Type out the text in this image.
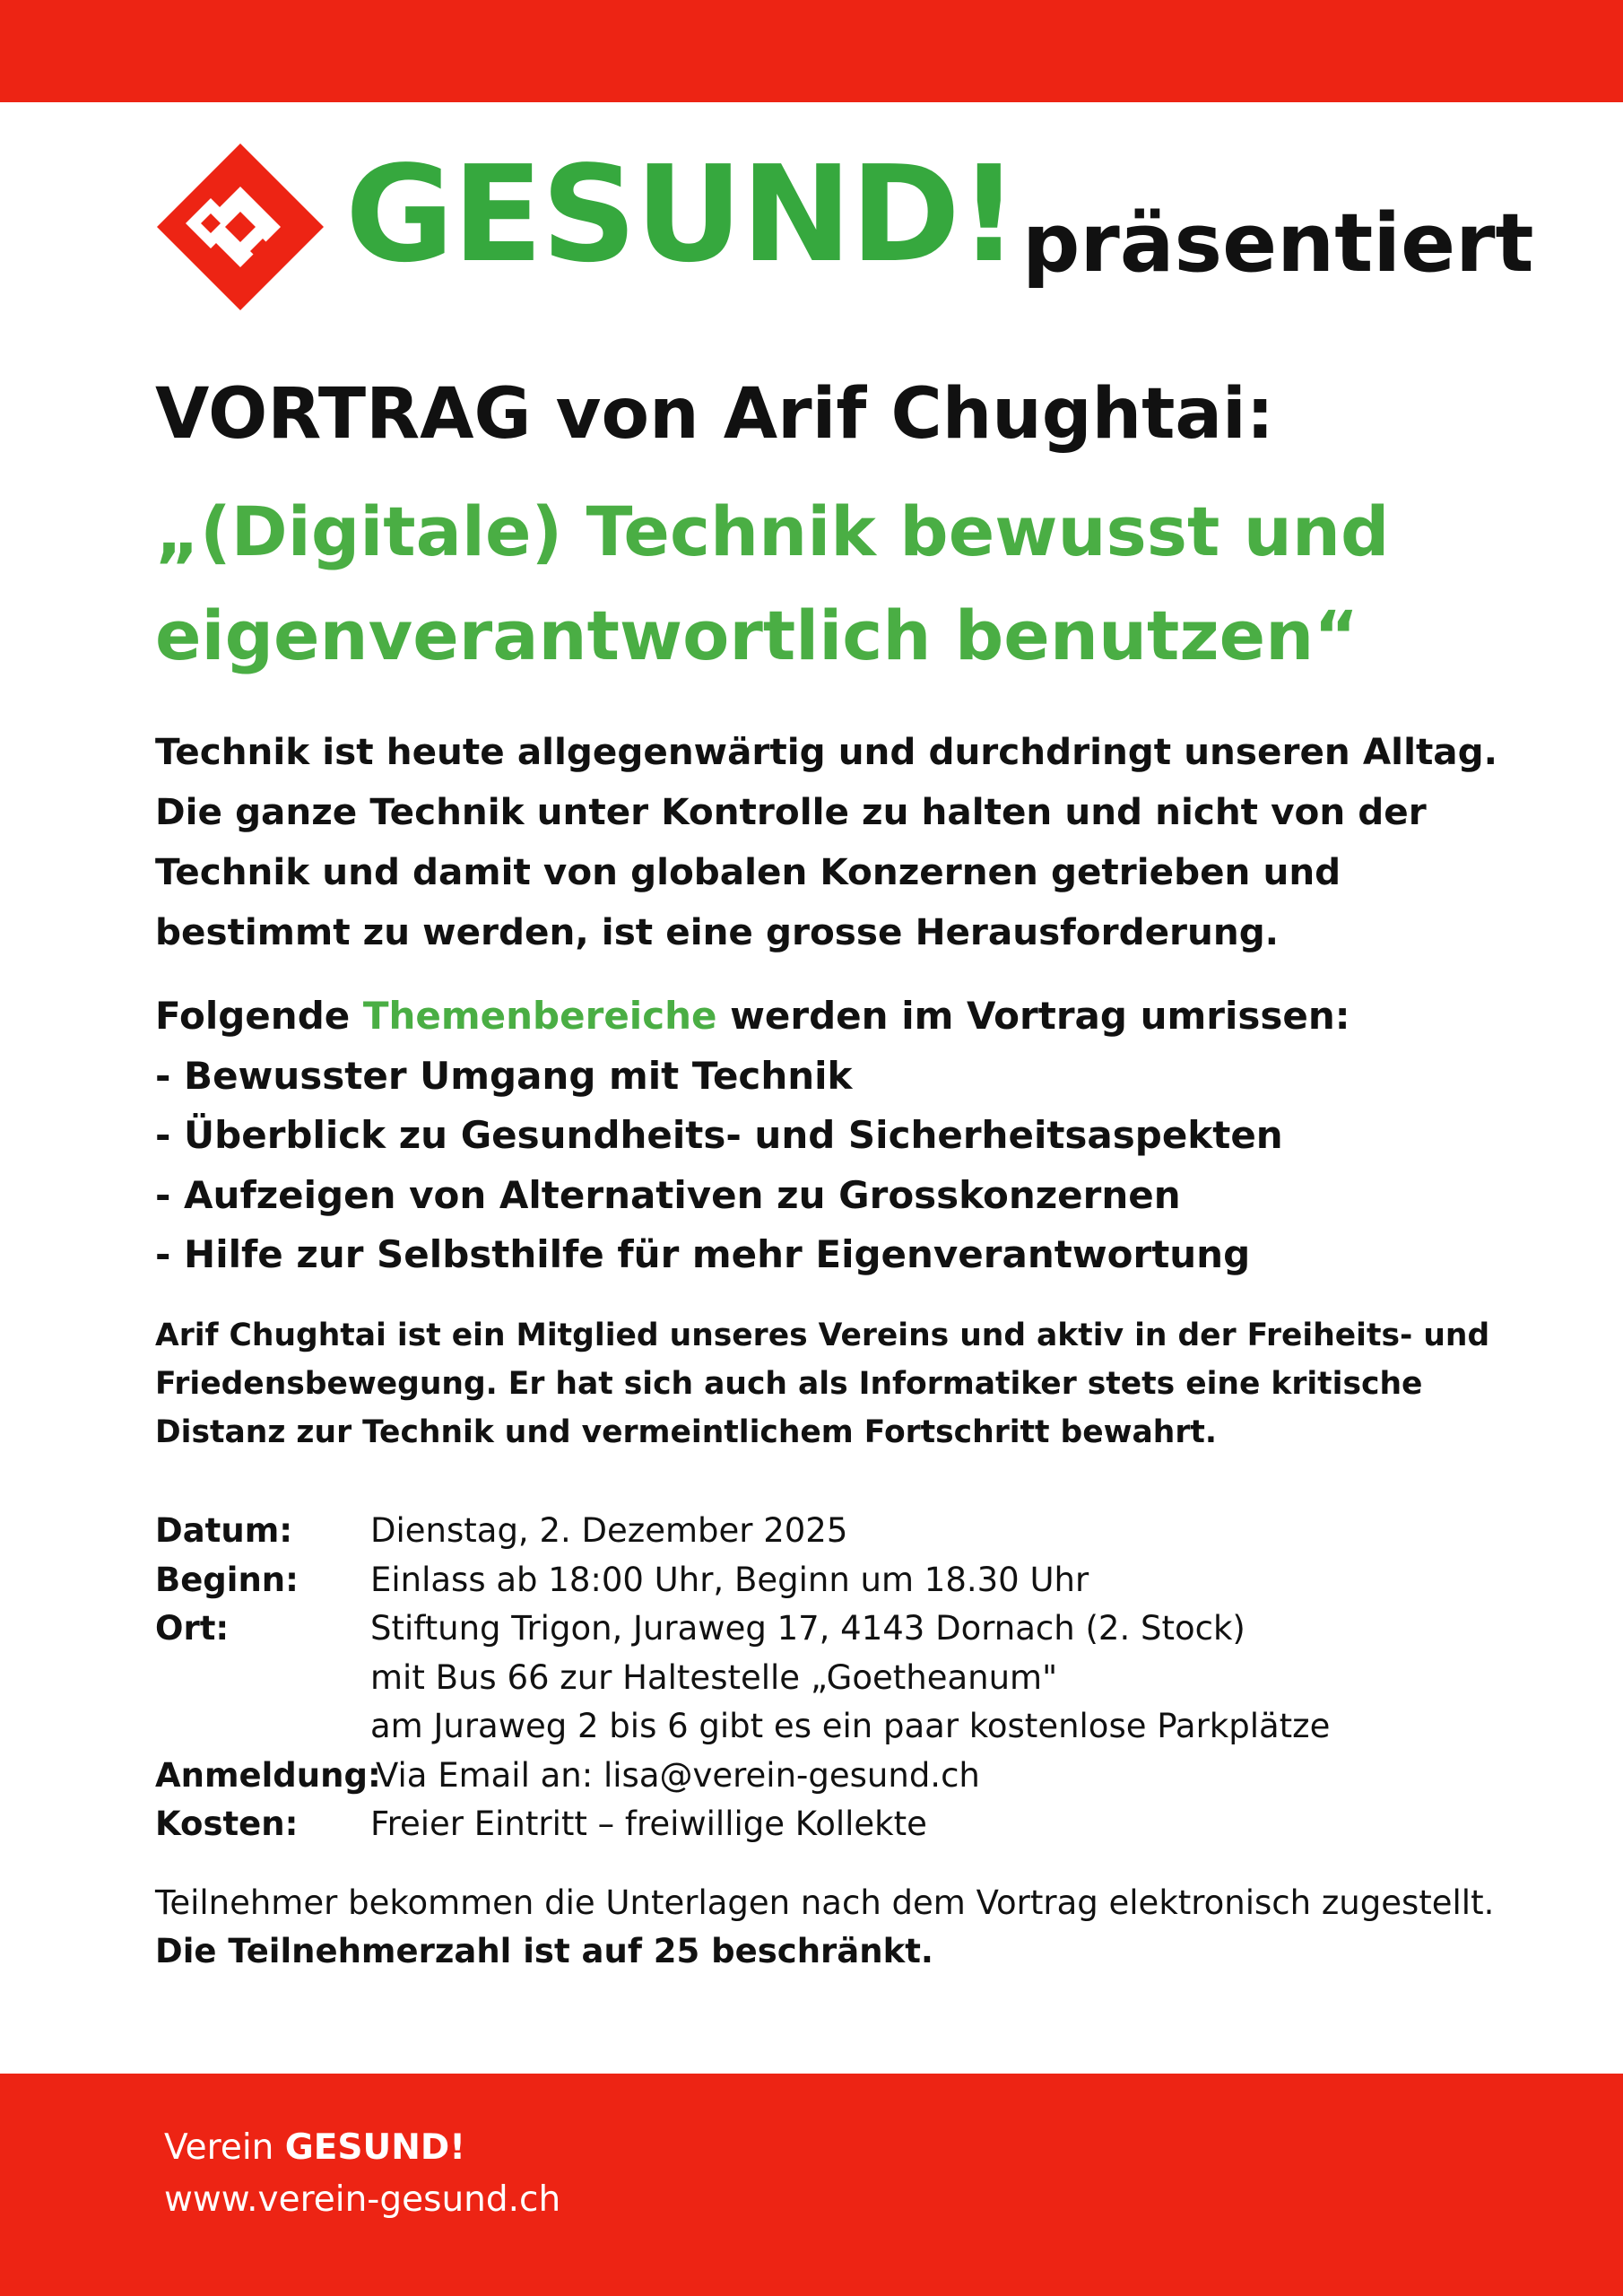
GESUND! präsentiert
VORTRAG von Arif Chughtai:
„(Digitale) Technik bewusst und eigenverantwortlich benutzen“
Technik ist heute allgegenwärtig und durchdringt unseren Alltag. Die ganze Technik unter Kontrolle zu halten und nicht von der Technik und damit von globalen Konzernen getrieben und bestimmt zu werden, ist eine grosse Herausforderung.
Folgende Themenbereiche werden im Vortrag umrissen:
- Bewusster Umgang mit Technik
- Überblick zu Gesundheits- und Sicherheitsaspekten
- Aufzeigen von Alternativen zu Grosskonzernen
- Hilfe zur Selbsthilfe für mehr Eigenverantwortung
Arif Chughtai ist ein Mitglied unseres Vereins und aktiv in der Freiheits- und Friedensbewegung. Er hat sich auch als Informatiker stets eine kritische Distanz zur Technik und vermeintlichem Fortschritt bewahrt.
Datum:	Dienstag, 2. Dezember 2025
Beginn:	Einlass ab 18:00 Uhr, Beginn um 18.30 Uhr
Ort:	Stiftung Trigon, Juraweg 17, 4143 Dornach (2. Stock)
mit Bus 66 zur Haltestelle „Goetheanum"
am Juraweg 2 bis 6 gibt es ein paar kostenlose Parkplätze
Anmeldung:
Via Email an: lisa@verein-gesund.ch
Kosten:	Freier Eintritt – freiwillige Kollekte
Teilnehmer bekommen die Unterlagen nach dem Vortrag elektronisch zugestellt.
Die Teilnehmerzahl ist auf 25 beschränkt.
Verein GESUND!
www.verein-gesund.ch
